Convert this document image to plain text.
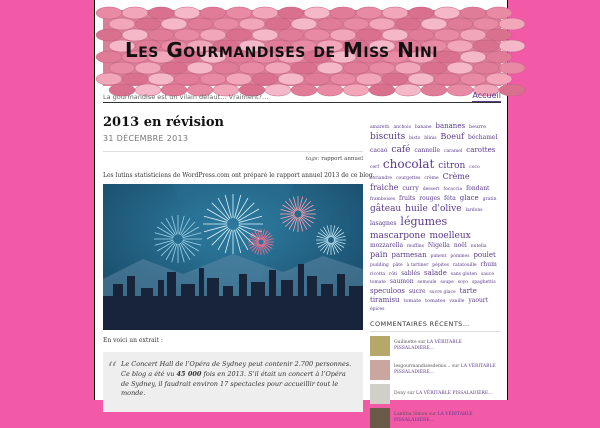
Les Gourmandises de Miss Nini
La gourmandise est un vilain défaut… Vraiment?…	Accueil
2013 en révision
31 DÉCEMBRE 2013
tags: rapport annuel
Les lutins statisticiens de WordPress.com ont préparé le rapport annuel 2013 de ce blog.
En voici un extrait :
“ Le Concert Hall de l’Opéra de Sydney peut contenir 2.700 personnes. Ce blog a été vu 45 000 fois en 2013. S’il était un concert à l’Opéra de Sydney, il faudrait environ 17 spectacles pour accueillir tout le monde.
amaretti anchois banane bananes beurre biscuits bisto blinis Boeuf béchamel cacao café cannelle caramel carottes cerf chocolat citron coco coriandre courgettes crème Crème fraiche curry dessert focaccia fondant framboises fruits rouges féta glace gratin gâteau huile d'olive lardons lasagnes légumes mascarpone moelleux mozzarella muffins Nigella noël nutella pain parmesan piment pommes poulet pudding pâte à tartiner pépites ratatouille rhum ricotta rôti sablés salade sans gluten sauce tomate saumon semoule soupe soyo spaghettis speculoos sucre sucre glace tarte tiramisu tomate tomates vanille yaourt épices
COMMENTAIRES RÉCENTS…
Guilinette sur LA VÉRITABLE PISSALADIÈRE…
lesgourmandisesdemis… sur LA VÉRITABLE PISSALADIÈRE…
Dony sur LA VÉRITABLE PISSALADIÈRE…
Laetitia Simon sur LA VÉRITABLE PISSALADIÈRE…
